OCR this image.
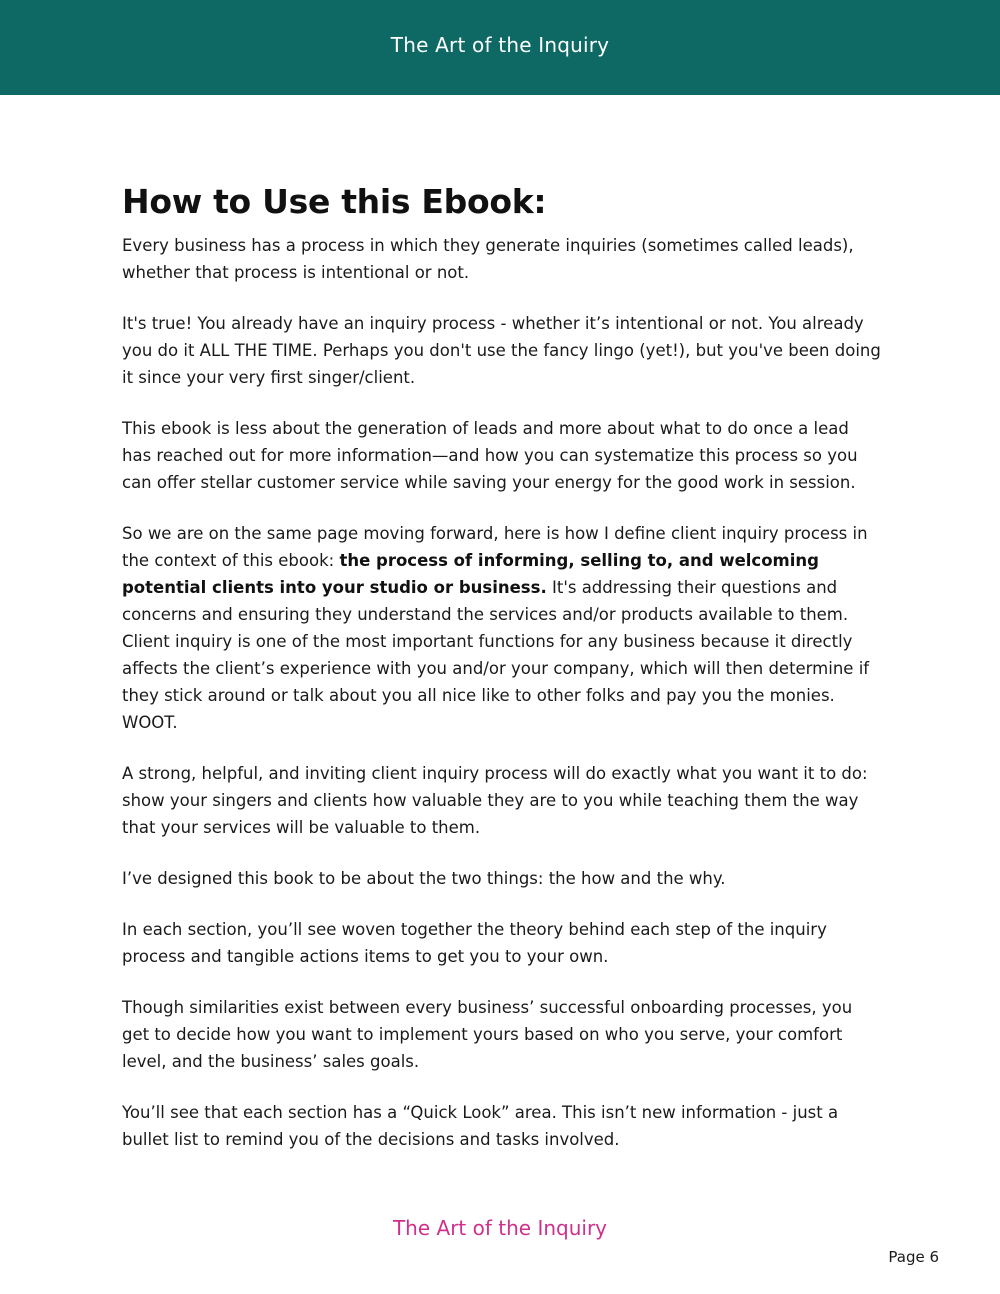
The Art of the Inquiry
How to Use this Ebook:

Every business has a process in which they generate inquiries (sometimes called leads), whether that process is intentional or not.

It's true! You already have an inquiry process - whether it’s intentional or not. You already you do it ALL THE TIME. Perhaps you don't use the fancy lingo (yet!), but you've been doing it since your very first singer/client.

This ebook is less about the generation of leads and more about what to do once a lead has reached out for more information—and how you can systematize this process so you can offer stellar customer service while saving your energy for the good work in session.

So we are on the same page moving forward, here is how I define client inquiry process in the context of this ebook: the process of informing, selling to, and welcoming potential clients into your studio or business. It's addressing their questions and concerns and ensuring they understand the services and/or products available to them. Client inquiry is one of the most important functions for any business because it directly affects the client’s experience with you and/or your company, which will then determine if they stick around or talk about you all nice like to other folks and pay you the monies. WOOT.

A strong, helpful, and inviting client inquiry process will do exactly what you want it to do: show your singers and clients how valuable they are to you while teaching them the way that your services will be valuable to them.

I’ve designed this book to be about the two things: the how and the why.

In each section, you’ll see woven together the theory behind each step of the inquiry process and tangible actions items to get you to your own.

Though similarities exist between every business’ successful onboarding processes, you get to decide how you want to implement yours based on who you serve, your comfort level, and the business’ sales goals.

You’ll see that each section has a “Quick Look” area. This isn’t new information - just a bullet list to remind you of the decisions and tasks involved.

The Art of the Inquiry
Page 6
